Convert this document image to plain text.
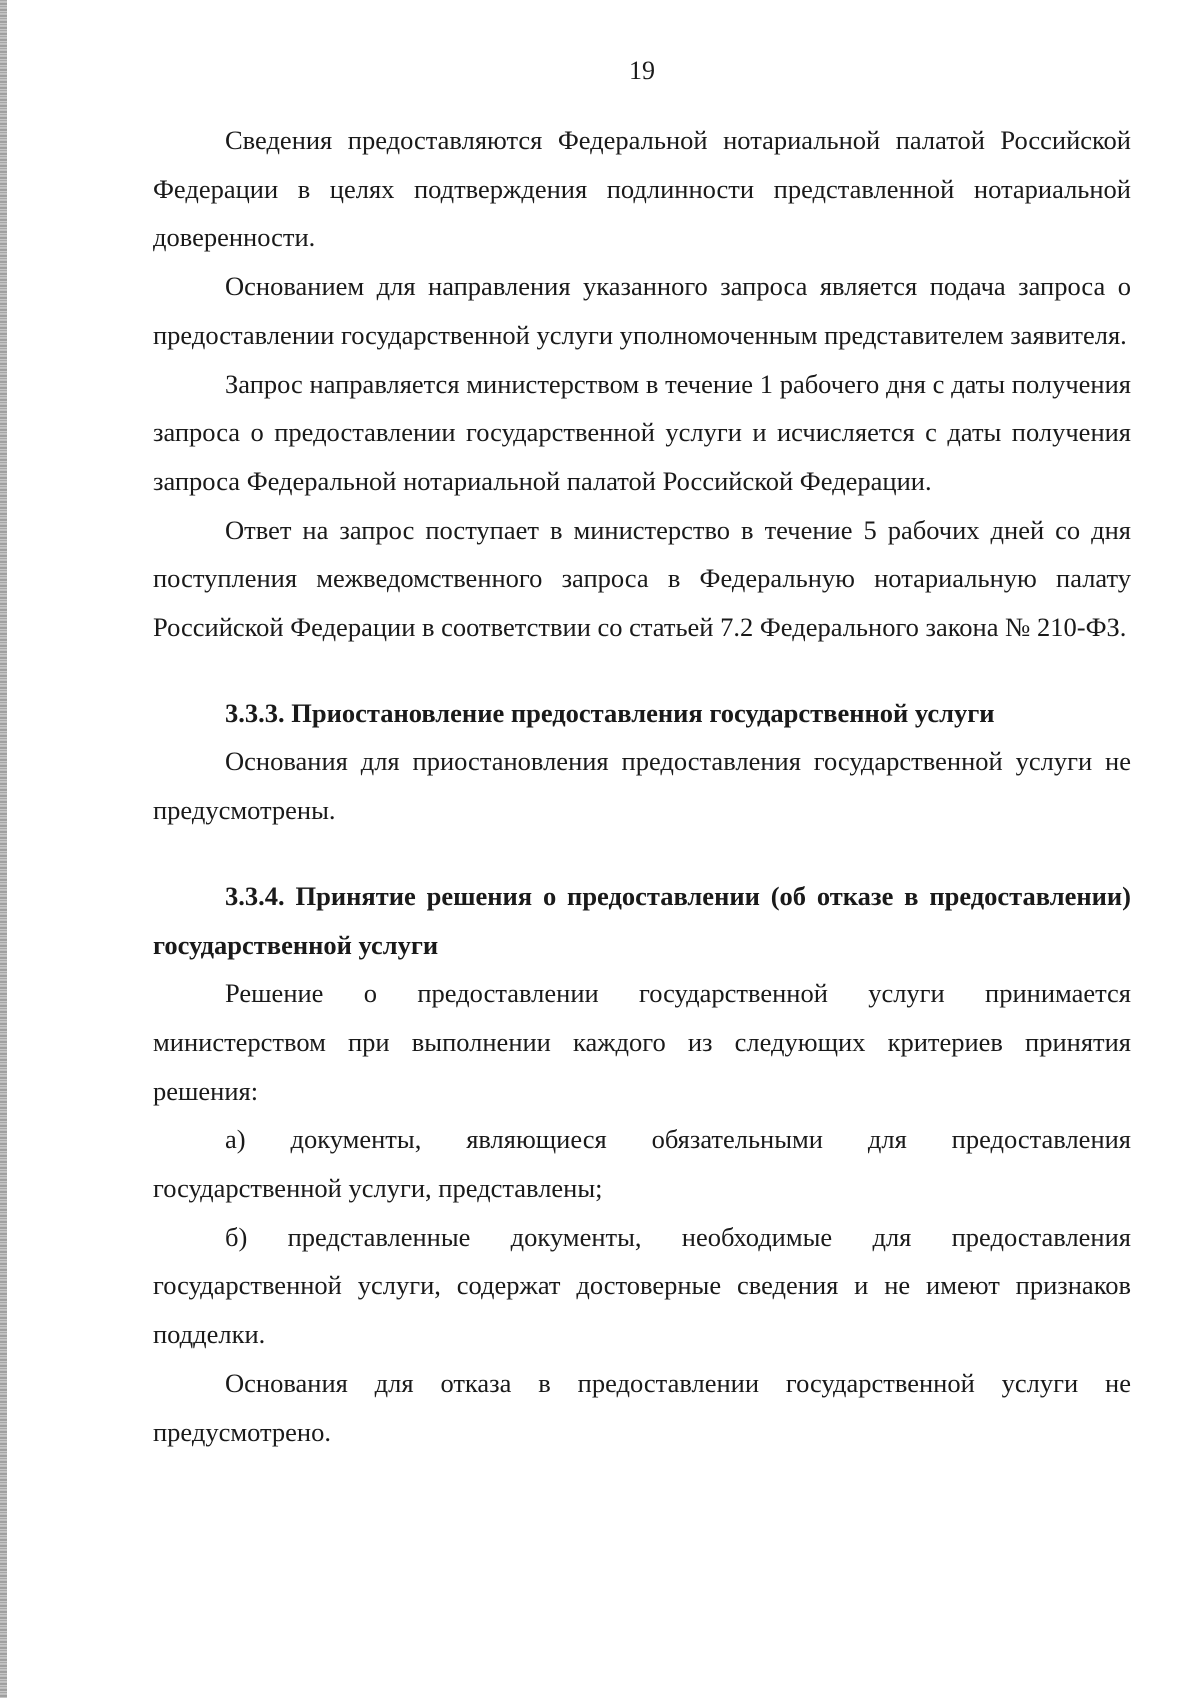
19

Сведения предоставляются Федеральной нотариальной палатой Российской Федерации в целях подтверждения подлинности представленной нотариальной доверенности.

Основанием для направления указанного запроса является подача запроса о предоставлении государственной услуги уполномоченным представителем заявителя.

Запрос направляется министерством в течение 1 рабочего дня с даты получения запроса о предоставлении государственной услуги и исчисляется с даты получения запроса Федеральной нотариальной палатой Российской Федерации.

Ответ на запрос поступает в министерство в течение 5 рабочих дней со дня поступления межведомственного запроса в Федеральную нотариальную палату Российской Федерации в соответствии со статьей 7.2 Федерального закона № 210-ФЗ.

3.3.3. Приостановление предоставления государственной услуги

Основания для приостановления предоставления государственной услуги не предусмотрены.

3.3.4. Принятие решения о предоставлении (об отказе в предоставлении) государственной услуги

Решение о предоставлении государственной услуги принимается министерством при выполнении каждого из следующих критериев принятия решения:

а) документы, являющиеся обязательными для предоставления государственной услуги, представлены;

б) представленные документы, необходимые для предоставления государственной услуги, содержат достоверные сведения и не имеют признаков подделки.

Основания для отказа в предоставлении государственной услуги не предусмотрено.
